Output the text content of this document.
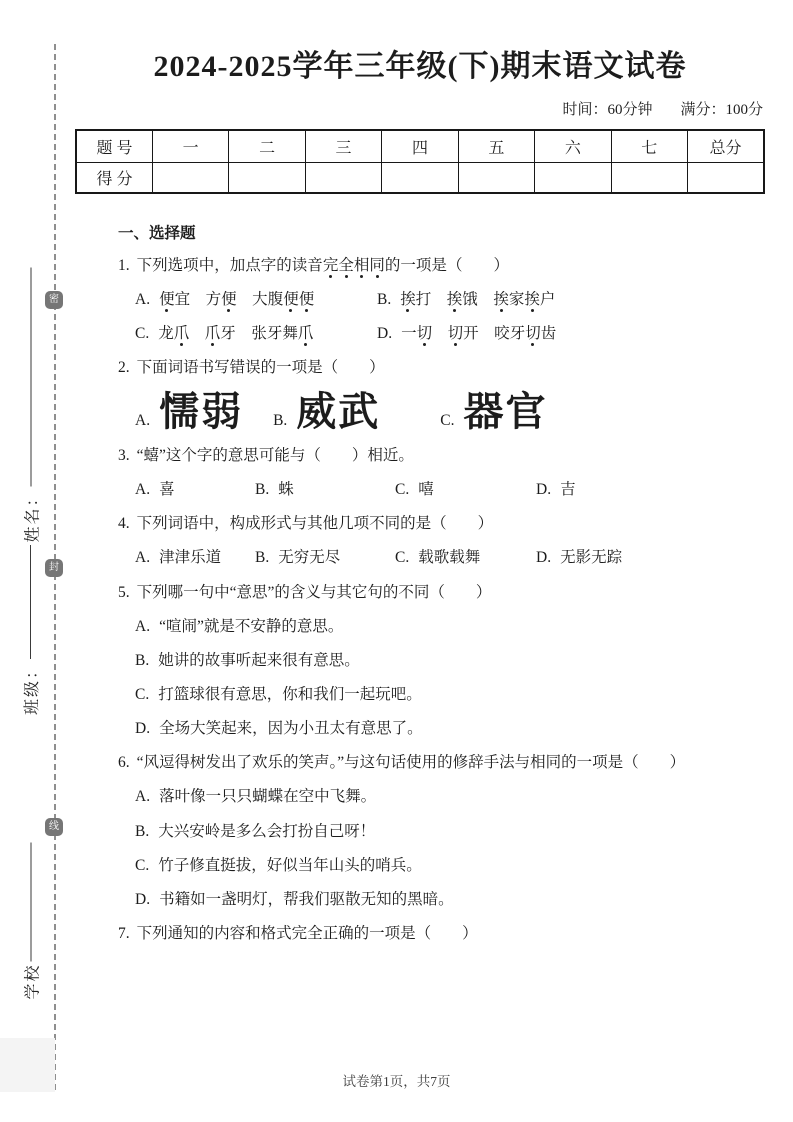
密
封
线
姓名：
班级：
学校
2024-2025学年三年级(下)期末语文试卷
时间：60分钟 满分：100分
题 号	一	二	三	四	五	六	七	总分
得 分								
一、选择题
1. 下列选项中，加点字的读音完全相同的一项是（　　 ）
A. 便宜　 方便　 大腹便便	B. 挨打　 挨饿　 挨家挨户
C. 龙爪　 爪牙　 张牙舞爪	D. 一切　 切开　 咬牙切齿
2. 下面词语书写错误的一项是（　　）
A. 懦弱 B. 威武	C. 器官
3. “蟢”这个字的意思可能与（　　）相近。
A. 喜	B. 蛛	C. 嘻	D. 吉
4. 下列词语中，构成形式与其他几项不同的是（　　）
A. 津津乐道	B. 无穷无尽	C. 载歌载舞	D. 无影无踪
5. 下列哪一句中“意思”的含义与其它句的不同（　　）
A. “喧闹”就是不安静的意思。
B. 她讲的故事听起来很有意思。
C. 打篮球很有意思，你和我们一起玩吧。
D. 全场大笑起来，因为小丑太有意思了。
6. “风逗得树发出了欢乐的笑声。”与这句话使用的修辞手法与相同的一项是（　　）
A. 落叶像一只只蝴蝶在空中飞舞。
B. 大兴安岭是多么会打扮自己呀！
C. 竹子修直挺拔，好似当年山头的哨兵。
D. 书籍如一盏明灯，帮我们驱散无知的黑暗。
7. 下列通知的内容和格式完全正确的一项是（　　）
试卷第1页，共7页
